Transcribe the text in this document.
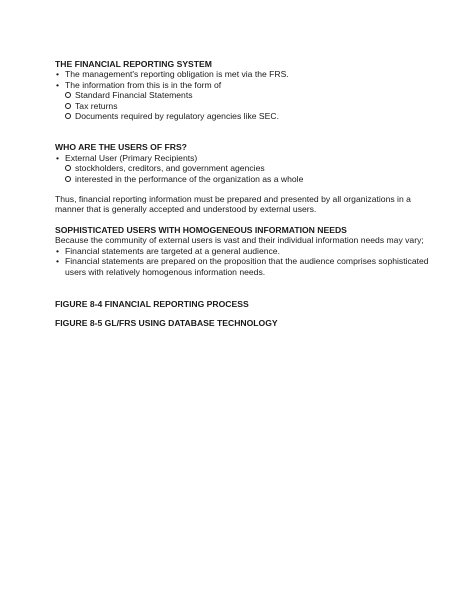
THE FINANCIAL REPORTING SYSTEM
• The management's reporting obligation is met via the FRS.
• The information from this is in the form of
Standard Financial Statements
Tax returns
Documents required by regulatory agencies like SEC.
WHO ARE THE USERS OF FRS?
• External User (Primary Recipients)
stockholders, creditors, and government agencies
interested in the performance of the organization as a whole

Thus, financial reporting information must be prepared and presented by all organizations in a manner that is generally accepted and understood by external users.

SOPHISTICATED USERS WITH HOMOGENEOUS INFORMATION NEEDS

Because the community of external users is vast and their individual information needs may vary;

• Financial statements are targeted at a general audience.
• Financial statements are prepared on the proposition that the audience comprises sophisticated users with relatively homogenous information needs.
FIGURE 8-4 FINANCIAL REPORTING PROCESS
FIGURE 8-5 GL/FRS USING DATABASE TECHNOLOGY
